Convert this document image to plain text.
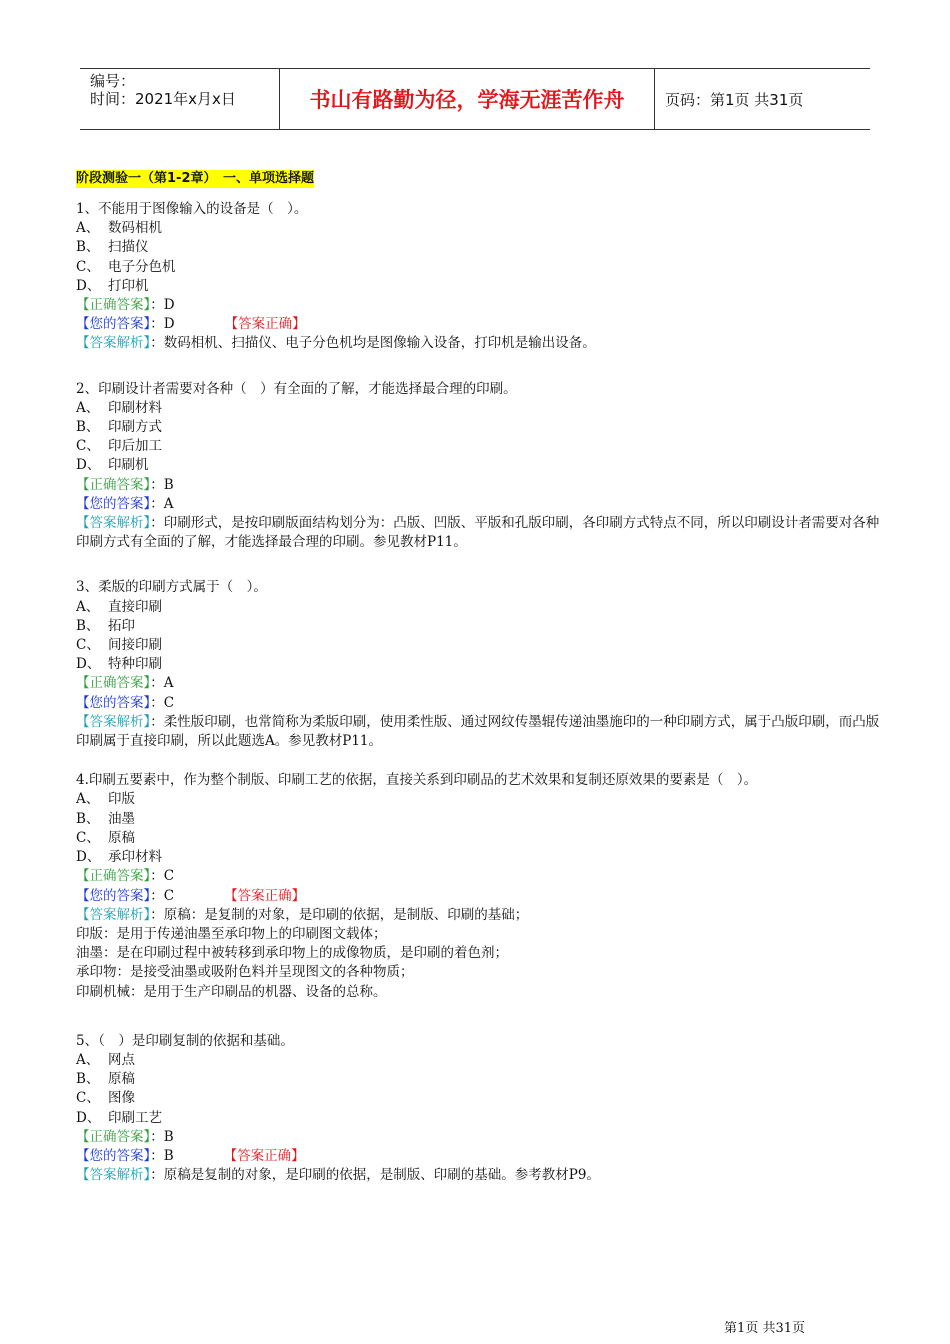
编号：
时间：2021年x月x日	书山有路勤为径，学海无涯苦作舟	页码：第1页 共31页
阶段测验一（第1-2章）　一、单项选择题
1、不能用于图像输入的设备是（　）。
A、 数码相机
B、 扫描仪
C、 电子分色机
D、 打印机
【正确答案】：D
【您的答案】：D	【答案正确】
【答案解析】：数码相机、扫描仪、电子分色机均是图像输入设备，打印机是输出设备。
2、印刷设计者需要对各种（　）有全面的了解，才能选择最合理的印刷。
A、 印刷材料
B、 印刷方式
C、 印后加工
D、 印刷机
【正确答案】：B
【您的答案】：A
【答案解析】：印刷形式，是按印刷版面结构划分为：凸版、凹版、平版和孔版印刷，各印刷方式特点不同，所以印刷设计者需要对各种印刷方式有全面的了解，才能选择最合理的印刷。参见教材P11。
3、柔版的印刷方式属于（　）。
A、 直接印刷
B、 拓印
C、 间接印刷
D、 特种印刷
【正确答案】：A
【您的答案】：C
【答案解析】：柔性版印刷，也常简称为柔版印刷，使用柔性版、通过网纹传墨辊传递油墨施印的一种印刷方式，属于凸版印刷，而凸版印刷属于直接印刷，所以此题选A。参见教材P11。
4.印刷五要素中，作为整个制版、印刷工艺的依据，直接关系到印刷品的艺术效果和复制还原效果的要素是（　）。
A、 印版
B、 油墨
C、 原稿
D、 承印材料
【正确答案】：C
【您的答案】：C	【答案正确】
【答案解析】：原稿：是复制的对象，是印刷的依据，是制版、印刷的基础；
印版：是用于传递油墨至承印物上的印刷图文载体；
油墨：是在印刷过程中被转移到承印物上的成像物质，是印刷的着色剂；
承印物：是接受油墨或吸附色料并呈现图文的各种物质；
印刷机械：是用于生产印刷品的机器、设备的总称。
5、（　）是印刷复制的依据和基础。
A、 网点
B、 原稿
C、 图像
D、 印刷工艺
【正确答案】：B
【您的答案】：B	【答案正确】
【答案解析】：原稿是复制的对象，是印刷的依据，是制版、印刷的基础。参考教材P9。
第1页 共31页
